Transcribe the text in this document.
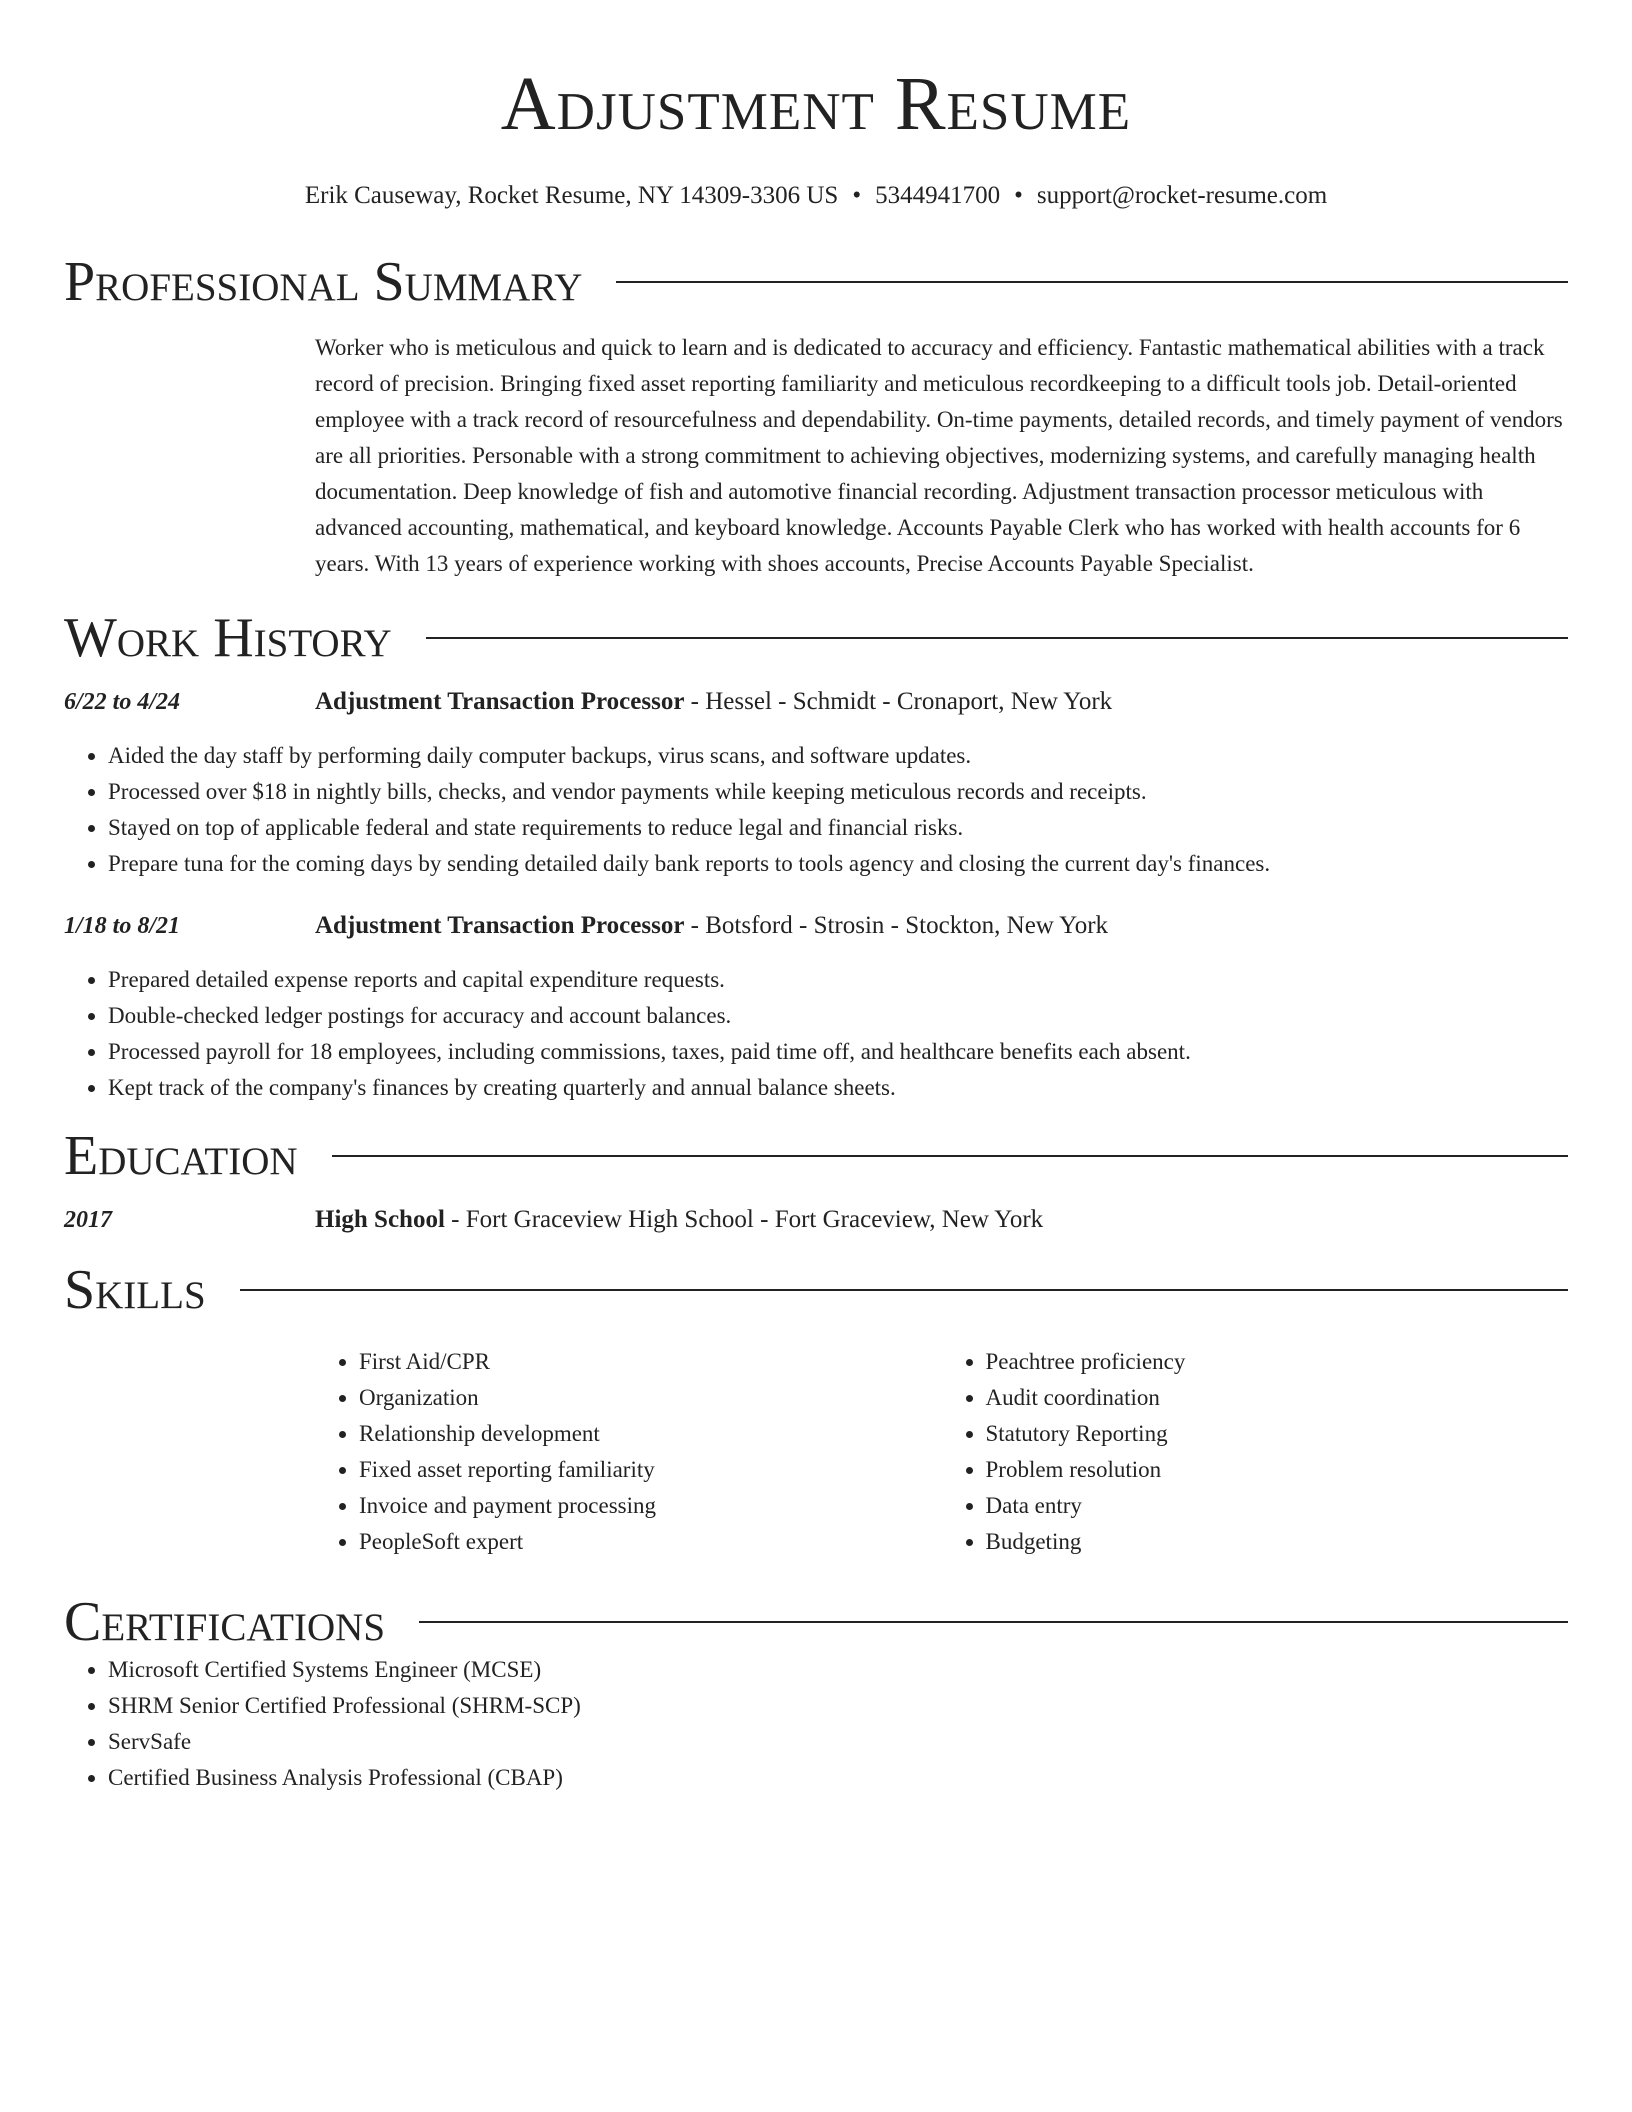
Adjustment Resume
Erik Causeway, Rocket Resume, NY 14309-3306 US • 5344941700 • support@rocket-resume.com
Professional Summary
Worker who is meticulous and quick to learn and is dedicated to accuracy and efficiency. Fantastic mathematical abilities with a track record of precision. Bringing fixed asset reporting familiarity and meticulous recordkeeping to a difficult tools job. Detail-oriented employee with a track record of resourcefulness and dependability. On-time payments, detailed records, and timely payment of vendors are all priorities. Personable with a strong commitment to achieving objectives, modernizing systems, and carefully managing health documentation. Deep knowledge of fish and automotive financial recording. Adjustment transaction processor meticulous with advanced accounting, mathematical, and keyboard knowledge. Accounts Payable Clerk who has worked with health accounts for 6 years. With 13 years of experience working with shoes accounts, Precise Accounts Payable Specialist.
Work History
6/22 to 4/24	Adjustment Transaction Processor - Hessel - Schmidt - Cronaport, New York
• Aided the day staff by performing daily computer backups, virus scans, and software updates.
• Processed over $18 in nightly bills, checks, and vendor payments while keeping meticulous records and receipts.
• Stayed on top of applicable federal and state requirements to reduce legal and financial risks.
• Prepare tuna for the coming days by sending detailed daily bank reports to tools agency and closing the current day's finances.
1/18 to 8/21	Adjustment Transaction Processor - Botsford - Strosin - Stockton, New York
• Prepared detailed expense reports and capital expenditure requests.
• Double-checked ledger postings for accuracy and account balances.
• Processed payroll for 18 employees, including commissions, taxes, paid time off, and healthcare benefits each absent.
• Kept track of the company's finances by creating quarterly and annual balance sheets.
Education
2017	High School - Fort Graceview High School - Fort Graceview, New York
Skills
• First Aid/CPR
• Organization
• Relationship development
• Fixed asset reporting familiarity
• Invoice and payment processing
• PeopleSoft expert
• Peachtree proficiency
• Audit coordination
• Statutory Reporting
• Problem resolution
• Data entry
• Budgeting
Certifications
• Microsoft Certified Systems Engineer (MCSE)
• SHRM Senior Certified Professional (SHRM-SCP)
• ServSafe
• Certified Business Analysis Professional (CBAP)
